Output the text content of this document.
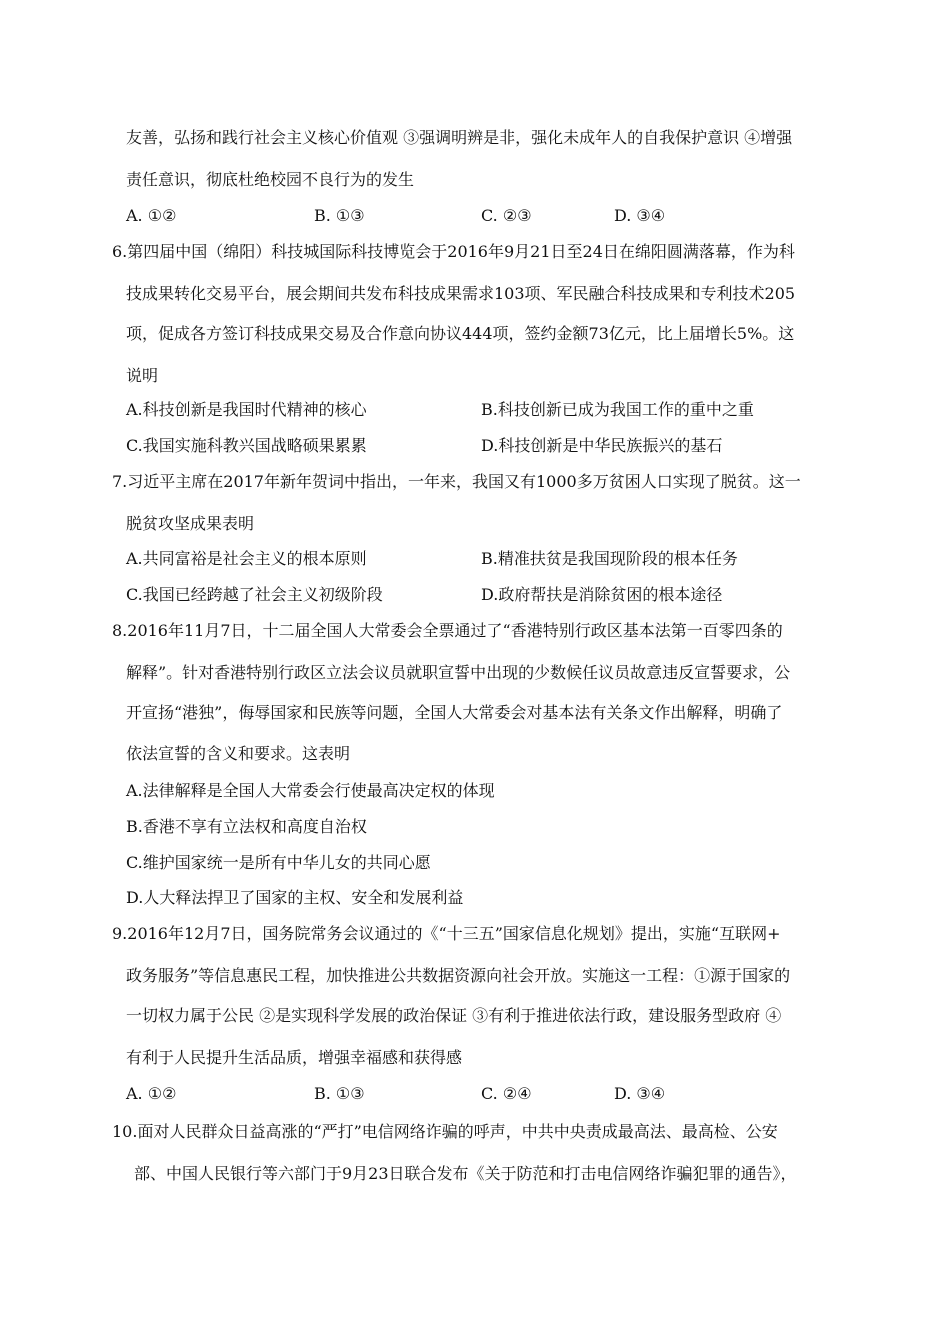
友善，弘扬和践行社会主义核心价值观 ③强调明辨是非，强化未成年人的自我保护意识 ④增强
责任意识，彻底杜绝校园不良行为的发生
A. ①②	B. ①③	C. ②③	D. ③④
6.第四届中国（绵阳）科技城国际科技博览会于2016年9月21日至24日在绵阳圆满落幕，作为科
技成果转化交易平台，展会期间共发布科技成果需求103项、军民融合科技成果和专利技术205
项，促成各方签订科技成果交易及合作意向协议444项，签约金额73亿元，比上届增长5%。这
说明
A.科技创新是我国时代精神的核心	B.科技创新已成为我国工作的重中之重
C.我国实施科教兴国战略硕果累累	D.科技创新是中华民族振兴的基石
7.习近平主席在2017年新年贺词中指出，一年来，我国又有1000多万贫困人口实现了脱贫。这一
脱贫攻坚成果表明
A.共同富裕是社会主义的根本原则	B.精准扶贫是我国现阶段的根本任务
C.我国已经跨越了社会主义初级阶段	D.政府帮扶是消除贫困的根本途径
8.2016年11月7日，十二届全国人大常委会全票通过了“香港特别行政区基本法第一百零四条的
解释”。针对香港特别行政区立法会议员就职宣誓中出现的少数候任议员故意违反宣誓要求，公
开宣扬“港独”，侮辱国家和民族等问题，全国人大常委会对基本法有关条文作出解释，明确了
依法宣誓的含义和要求。这表明
A.法律解释是全国人大常委会行使最高决定权的体现
B.香港不享有立法权和高度自治权
C.维护国家统一是所有中华儿女的共同心愿
D.人大释法捍卫了国家的主权、安全和发展利益
9.2016年12月7日，国务院常务会议通过的《“十三五”国家信息化规划》提出，实施“互联网+
政务服务”等信息惠民工程，加快推进公共数据资源向社会开放。实施这一工程：①源于国家的
一切权力属于公民 ②是实现科学发展的政治保证 ③有利于推进依法行政，建设服务型政府 ④
有利于人民提升生活品质，增强幸福感和获得感
A. ①②	B. ①③	C. ②④	D. ③④
10.面对人民群众日益高涨的“严打”电信网络诈骗的呼声，中共中央责成最高法、最高检、公安
部、中国人民银行等六部门于9月23日联合发布《关于防范和打击电信网络诈骗犯罪的通告》，
